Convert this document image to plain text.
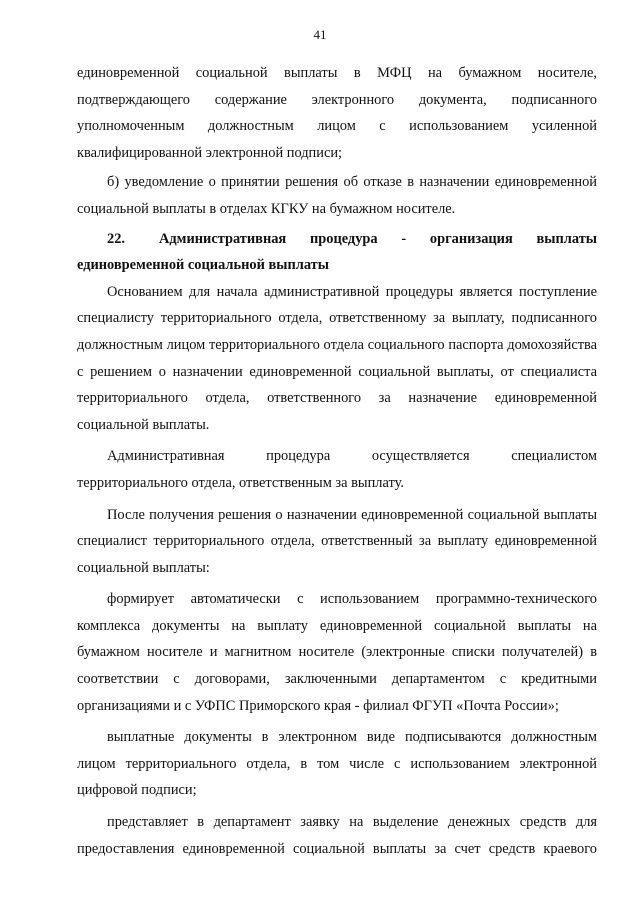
41

единовременной социальной выплаты в МФЦ на бумажном носителе, подтверждающего содержание электронного документа, подписанного уполномоченным должностным лицом с использованием усиленной квалифицированной электронной подписи;

б) уведомление о принятии решения об отказе в назначении единовременной социальной выплаты в отделах КГКУ на бумажном носителе.

22. Административная процедура - организация выплаты единовременной социальной выплаты

Основанием для начала административной процедуры является поступление специалисту территориального отдела, ответственному за выплату, подписанного должностным лицом территориального отдела социального паспорта домохозяйства с решением о назначении единовременной социальной выплаты, от специалиста территориального отдела, ответственного за назначение единовременной социальной выплаты.

Административная процедура осуществляется специалистом территориального отдела, ответственным за выплату.

После получения решения о назначении единовременной социальной выплаты специалист территориального отдела, ответственный за выплату единовременной социальной выплаты:

формирует автоматически с использованием программно-технического комплекса документы на выплату единовременной социальной выплаты на бумажном носителе и магнитном носителе (электронные списки получателей) в соответствии с договорами, заключенными департаментом с кредитными организациями и с УФПС Приморского края - филиал ФГУП «Почта России»;

выплатные документы в электронном виде подписываются должностным лицом территориального отдела, в том числе с использованием электронной цифровой подписи;

представляет в департамент заявку на выделение денежных средств для предоставления единовременной социальной выплаты за счет средств краевого
